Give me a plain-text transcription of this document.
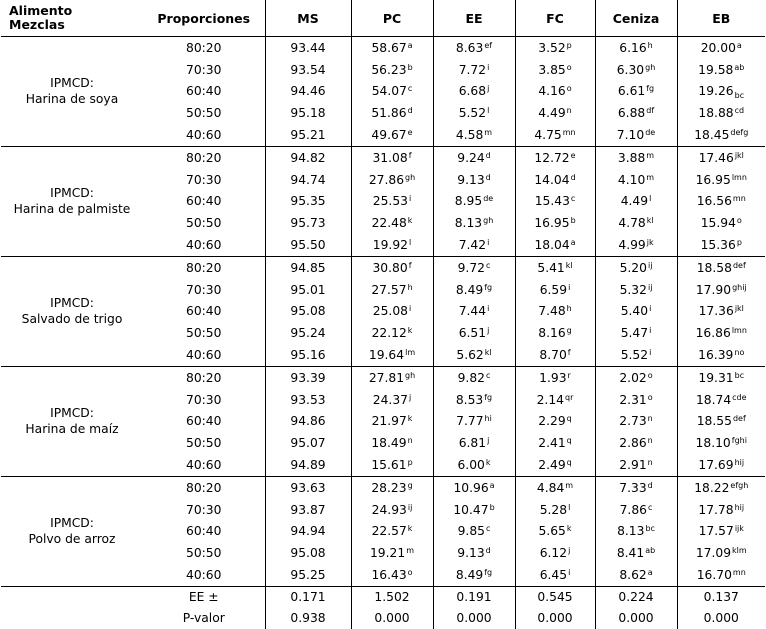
Alimento
Mezclas	Proporciones	MS	PC	EE	FC	Ceniza	EB

IPMCD:
Harina de soya	80:20	93.44	58.67$^a$	8.63$^{ef}$	3.52$^p$	6.16$^h$	20.00$^a$
	70:30	93.54	56.23$^b$	7.72$^i$	3.85$^o$	6.30$^{gh}$	19.58$^{ab}$
	60:40	94.46	54.07$^c$	6.68$^j$	4.16$^o$	6.61$^{fg}$	$19.26_{bc}$
	50:50	95.18	51.86$^d$	5.52$^l$	4.49$^n$	6.88$^{df}$	18.88$^{cd}$
	40:60	95.21	49.67e	4.58$^m$	$4.75^{mn}$	7.10de	$18.45^{defg}$

IPMCD:
Harina de palmiste	80:20	94.82	31.08$^f$	9.24$^d$	12.72e	3.88$^m$	$17.46^{jkl}$
	70:30	94.74	27.86$^{gh}$	9.13$^d$	14.04$^d$	4.10$^m$	$16.95^{lmn}$
	60:40	95.35	25.53$^i$	8.95de	15.43$^c$	4.49$^l$	$16.56^{mn}$
	50:50	95.73	22.48$^k$	8.13$^{gh}$	16.95$^b$	$4.78^{kl}$	15.94$^o$
	40:60	95.50	19.92$^l$	7.42$^i$	18.04$^a$	$4.99^{jk}$	15.36$^p$

IPMCD:
Salvado de trigo	80:20	94.85	30.80$^f$	9.72$^c$	$5.41^{kl}$	$5.20^{ij}$	18.58$^{def}$
	70:30	95.01	27.57$^h$	8.49$^{fg}$	6.59$^i$	$5.32^{ij}$	$17.90^{ghij}$
	60:40	95.08	25.08$^i$	7.44$^i$	7.48$^h$	5.40$^i$	$17.36^{jkl}$
	50:50	95.24	22.12$^k$	6.51$^j$	8.16$^g$	5.47$^i$	$16.86^{lmn}$
	40:60	95.16	$19.64^{lm}$	$5.62^{kl}$	8.70$^f$	5.52$^i$	$16.39^{no}$

IPMCD:
Harina de maíz	80:20	93.39	27.81$^{gh}$	9.82$^c$	1.93$^r$	2.02$^o$	19.31$^{bc}$
	70:30	93.53	24.37$^j$	8.53$^{fg}$	$2.14^{qr}$	2.31$^o$	18.74$^{cde}$
	60:40	94.86	21.97$^k$	$7.77^{hi}$	2.29$^q$	2.73$^n$	18.55$^{def}$
	50:50	95.07	18.49$^n$	6.81$^j$	2.41$^q$	2.86$^n$	$18.10^{fghi}$
	40:60	94.89	15.61$^p$	6.00$^k$	2.49$^q$	2.91$^n$	$17.69^{hij}$

IPMCD:
Polvo de arroz	80:20	93.63	28.23$^g$	10.96$^a$	4.84$^m$	7.33$^d$	$18.22^{efgh}$
	70:30	93.87	$24.93^{ij}$	10.47$^b$	5.28$^l$	7.86$^c$	$17.78^{hij}$
	60:40	94.94	22.57$^k$	9.85$^c$	5.65$^k$	8.13$^{bc}$	$17.57^{ijk}$
	50:50	95.08	19.21$^m$	9.13$^d$	6.12$^j$	8.41$^{ab}$	$17.09^{klm}$
	40:60	95.25	16.43$^o$	8.49$^{fg}$	6.45$^i$	8.62$^a$	$16.70^{mn}$
	EE ±	0.171	1.502	0.191	0.545	0.224	0.137
	P-valor	0.938	0.000	0.000	0.000	0.000	0.000
